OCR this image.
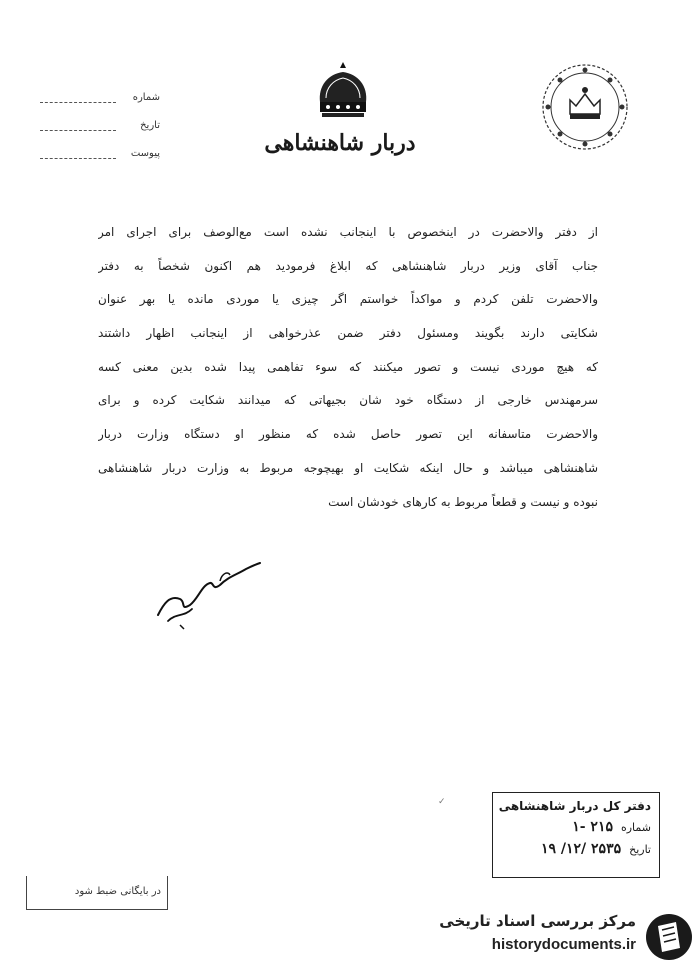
دربار شاهنشاهی
شماره
تاریخ
پیوست
از دفتر والاحضرت در اینخصوص با اینجانب نشده است مع‌الوصف برای اجرای امر
جناب آقای وزیر دربار شاهنشاهی که ابلاغ فرمودید هم اکنون شخصاً به دفتر
والاحضرت تلفن کردم و مواکداً خواستم اگر چیزی یا موردی مانده یا بهر عنوان
شکایتی دارند بگویند ومسئول دفتر ضمن عذرخواهی از اینجانب اظهار داشتند
که هیچ موردی نیست و تصور میکنند که سوء تفاهمی پیدا شده بدین معنی کسه
سرمهندس خارجی از دستگاه خود شان بجیهاتی که میدانند شکایت کرده و برای
والاحضرت متاسفانه این تصور حاصل شده که منظور او دستگاه وزارت دربار
شاهنشاهی میباشد و حال اینکه شکایت او بهیچوجه مربوط به وزارت دربار شاهنشاهی
نبوده و نیست و قطعاً مربوط به کارهای خودشان است
✓	دفتر کل دربار شاهنشاهی
شماره
۲۱۵ -۱
تاریخ
۲۵۳۵ /۱۲/ ۱۹
در بایگانی ضبط شود
مرکز بررسی اسناد تاریخی
historydocuments.ir
